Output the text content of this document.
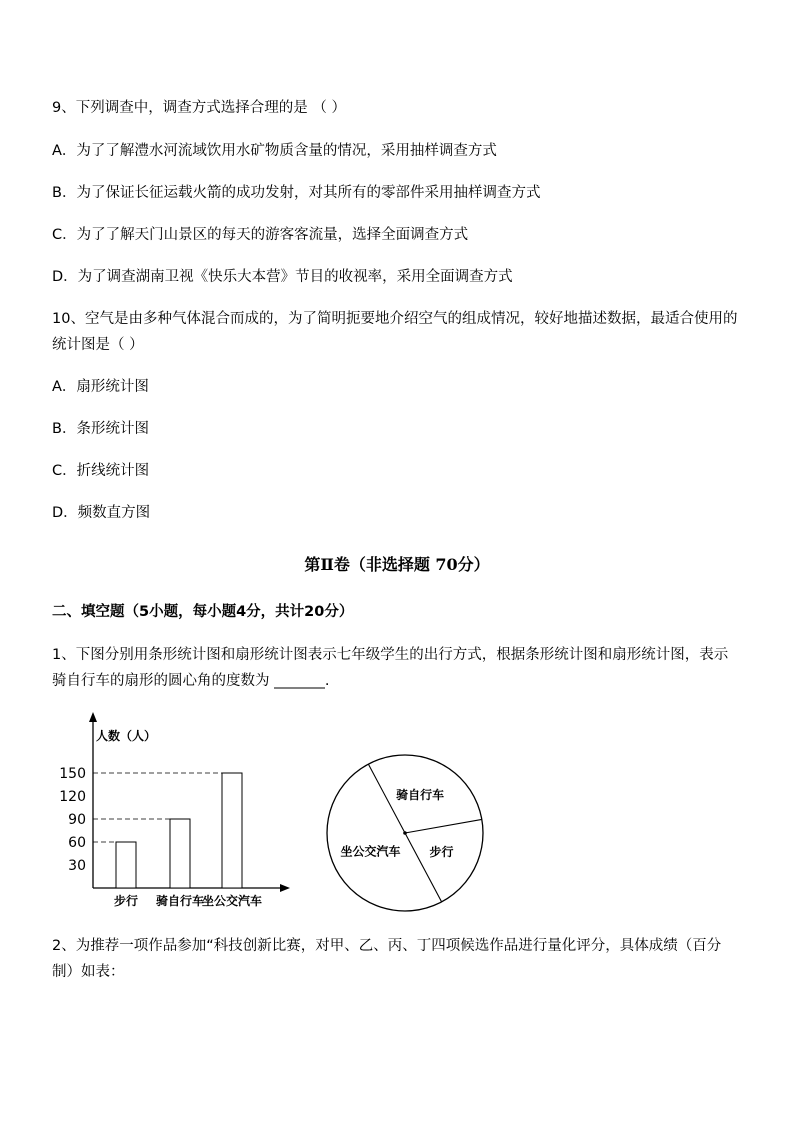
9、下列调查中，调查方式选择合理的是 （ ）
A．为了了解澧水河流域饮用水矿物质含量的情况，采用抽样调查方式
B．为了保证长征运载火箭的成功发射，对其所有的零部件采用抽样调查方式
C．为了了解天门山景区的每天的游客客流量，选择全面调查方式
D．为了调查湖南卫视《快乐大本营》节目的收视率，采用全面调查方式
10、空气是由多种气体混合而成的，为了简明扼要地介绍空气的组成情况，较好地描述数据，最适合使用的统计图是（ ）
A．扇形统计图
B．条形统计图
C．折线统计图
D．频数直方图
第Ⅱ卷（非选择题 70分）
二、填空题（5小题，每小题4分，共计20分）
1、下图分别用条形统计图和扇形统计图表示七年级学生的出行方式，根据条形统计图和扇形统计图，表示骑自行车的扇形的圆心角的度数为 _______.
人数（人）
30
60
90
120
150
步行 骑自行车
坐公交汽车
骑自行车
步行
坐公交汽车
2、为推荐一项作品参加“科技创新比赛，对甲、乙、丙、丁四项候选作品进行量化评分，具体成绩（百分制）如表：
